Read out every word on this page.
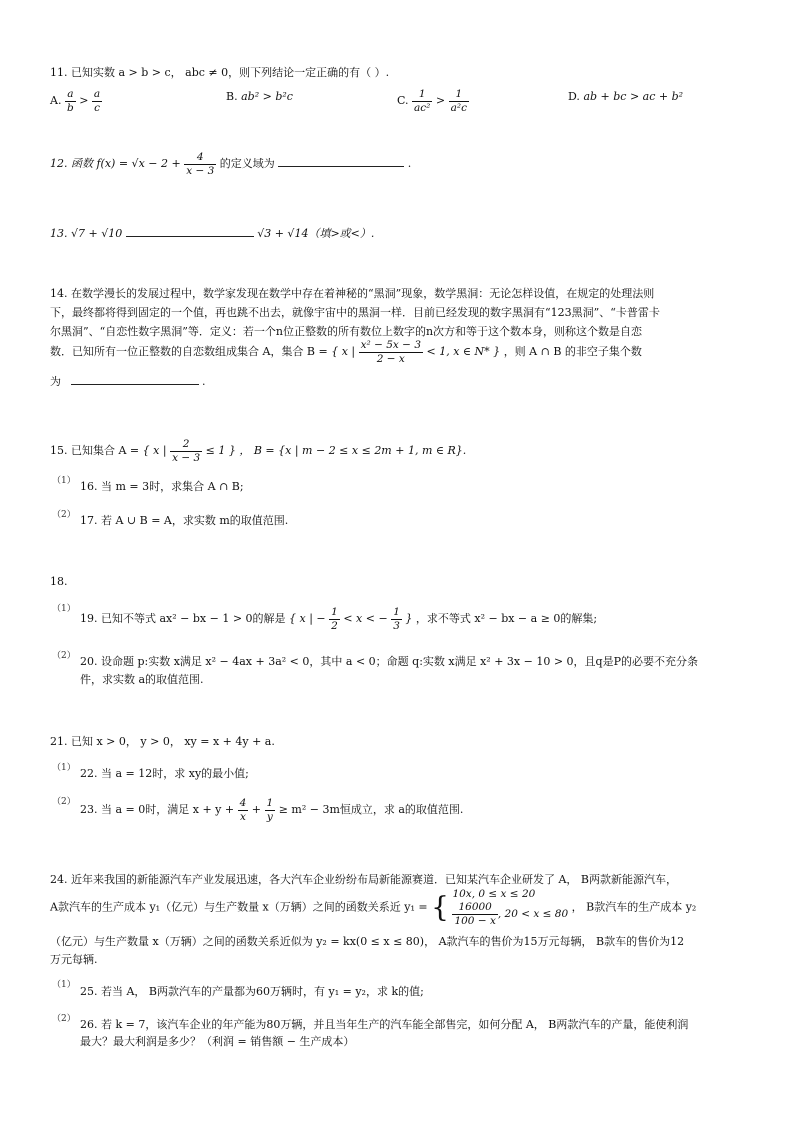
11. 已知实数 a > b > c， abc ≠ 0，则下列结论一定正确的有（ ）.
A. $\frac{a}{b} > \frac{a}{c}$	B. ab² > b²c	C. $\frac{1}{\text{ac²}} > \frac{1}{\text{a²c}}$	D. ab + bc > ac + b²
12. 函数 $f(x) = √x - 2 + \frac{4}{x - 3}$ 的定义域为	.
13. √7 + √10	√3 + √14（填>或<）.
14. 在数学漫长的发展过程中，数学家发现在数学中存在着神秘的“黑洞”现象，数学黑洞：无论怎样设值，在规定的处理法则
下，最终都将得到固定的一个值，再也跳不出去，就像宇宙中的黑洞一样．目前已经发现的数字黑洞有“123黑洞”、“卡普雷卡
尔黑洞”、“自恋性数字黑洞”等．定义：若一个n位正整数的所有数位上数字的n次方和等于这个数本身，则称这个数是自恋
数．已知所有一位正整数的自恋数组成集合 A，集合 B = { x | $\frac{\text{x² − 5x − 3}}{2 - x} < 1$, x ∈ N* } ，则 A ∩ B 的非空子集个数
为	.
15. 已知集合 A = { x | $\frac{2}{x - 3} \le 1$ } ， B = {x | m − 2 ≤ x ≤ 2m + 1, m ∈ R}.
（1） 16. 当 m = 3时，求集合 A ∩ B;
（2） 17. 若 A ∪ B = A，求实数 m的取值范围.
18.
（1）
19. 已知不等式 ax² − bx − 1 > 0的解是 { x | − $\frac{1}{2} < x$ < − $\frac{1}{3}$ } ，求不等式 x² − bx − a ≥ 0的解集;
（2） 20. 设命题 p:实数 x满足 x² − 4ax + 3a² < 0，其中 a < 0；命题 q:实数 x满足 x² + 3x − 10 > 0，且q是P的必要不充分条
件，求实数 a的取值范围.
21. 已知 x > 0， y > 0， xy = x + 4y + a.
（1） 22. 当 a = 12时，求 xy的最小值;
（2）
23. 当 a = 0时，满足 $x + y + \frac{4}{x} + \frac{1}{y} \ge m^2 - 3m$恒成立，求 a的取值范围.
24. 近年来我国的新能源汽车产业发展迅速，各大汽车企业纷纷布局新能源赛道．已知某汽车企业研发了 A， B两款新能源汽车，
A款汽车的生产成本 y₁（亿元）与生产数量 x（万辆）之间的函数关系近 y₁ = { 10x, 0 ≤ x ≤ 20
$\frac{16000}{100 - x}$ , 20 < x ≤ 80
， B款汽车的生产成本 y₂
（亿元）与生产数量 x（万辆）之间的函数关系近似为 y₂ = kx(0 ≤ x ≤ 80)， A款汽车的售价为15万元每辆， B款车的售价为12
万元每辆.
（1） 25. 若当 A， B两款汽车的产量都为60万辆时，有 y₁ = y₂，求 k的值;
（2） 26. 若 k = 7，该汽车企业的年产能为80万辆，并且当年生产的汽车能全部售完，如何分配 A， B两款汽车的产量，能使利润
最大？最大利润是多少？（利润 = 销售额 − 生产成本）
